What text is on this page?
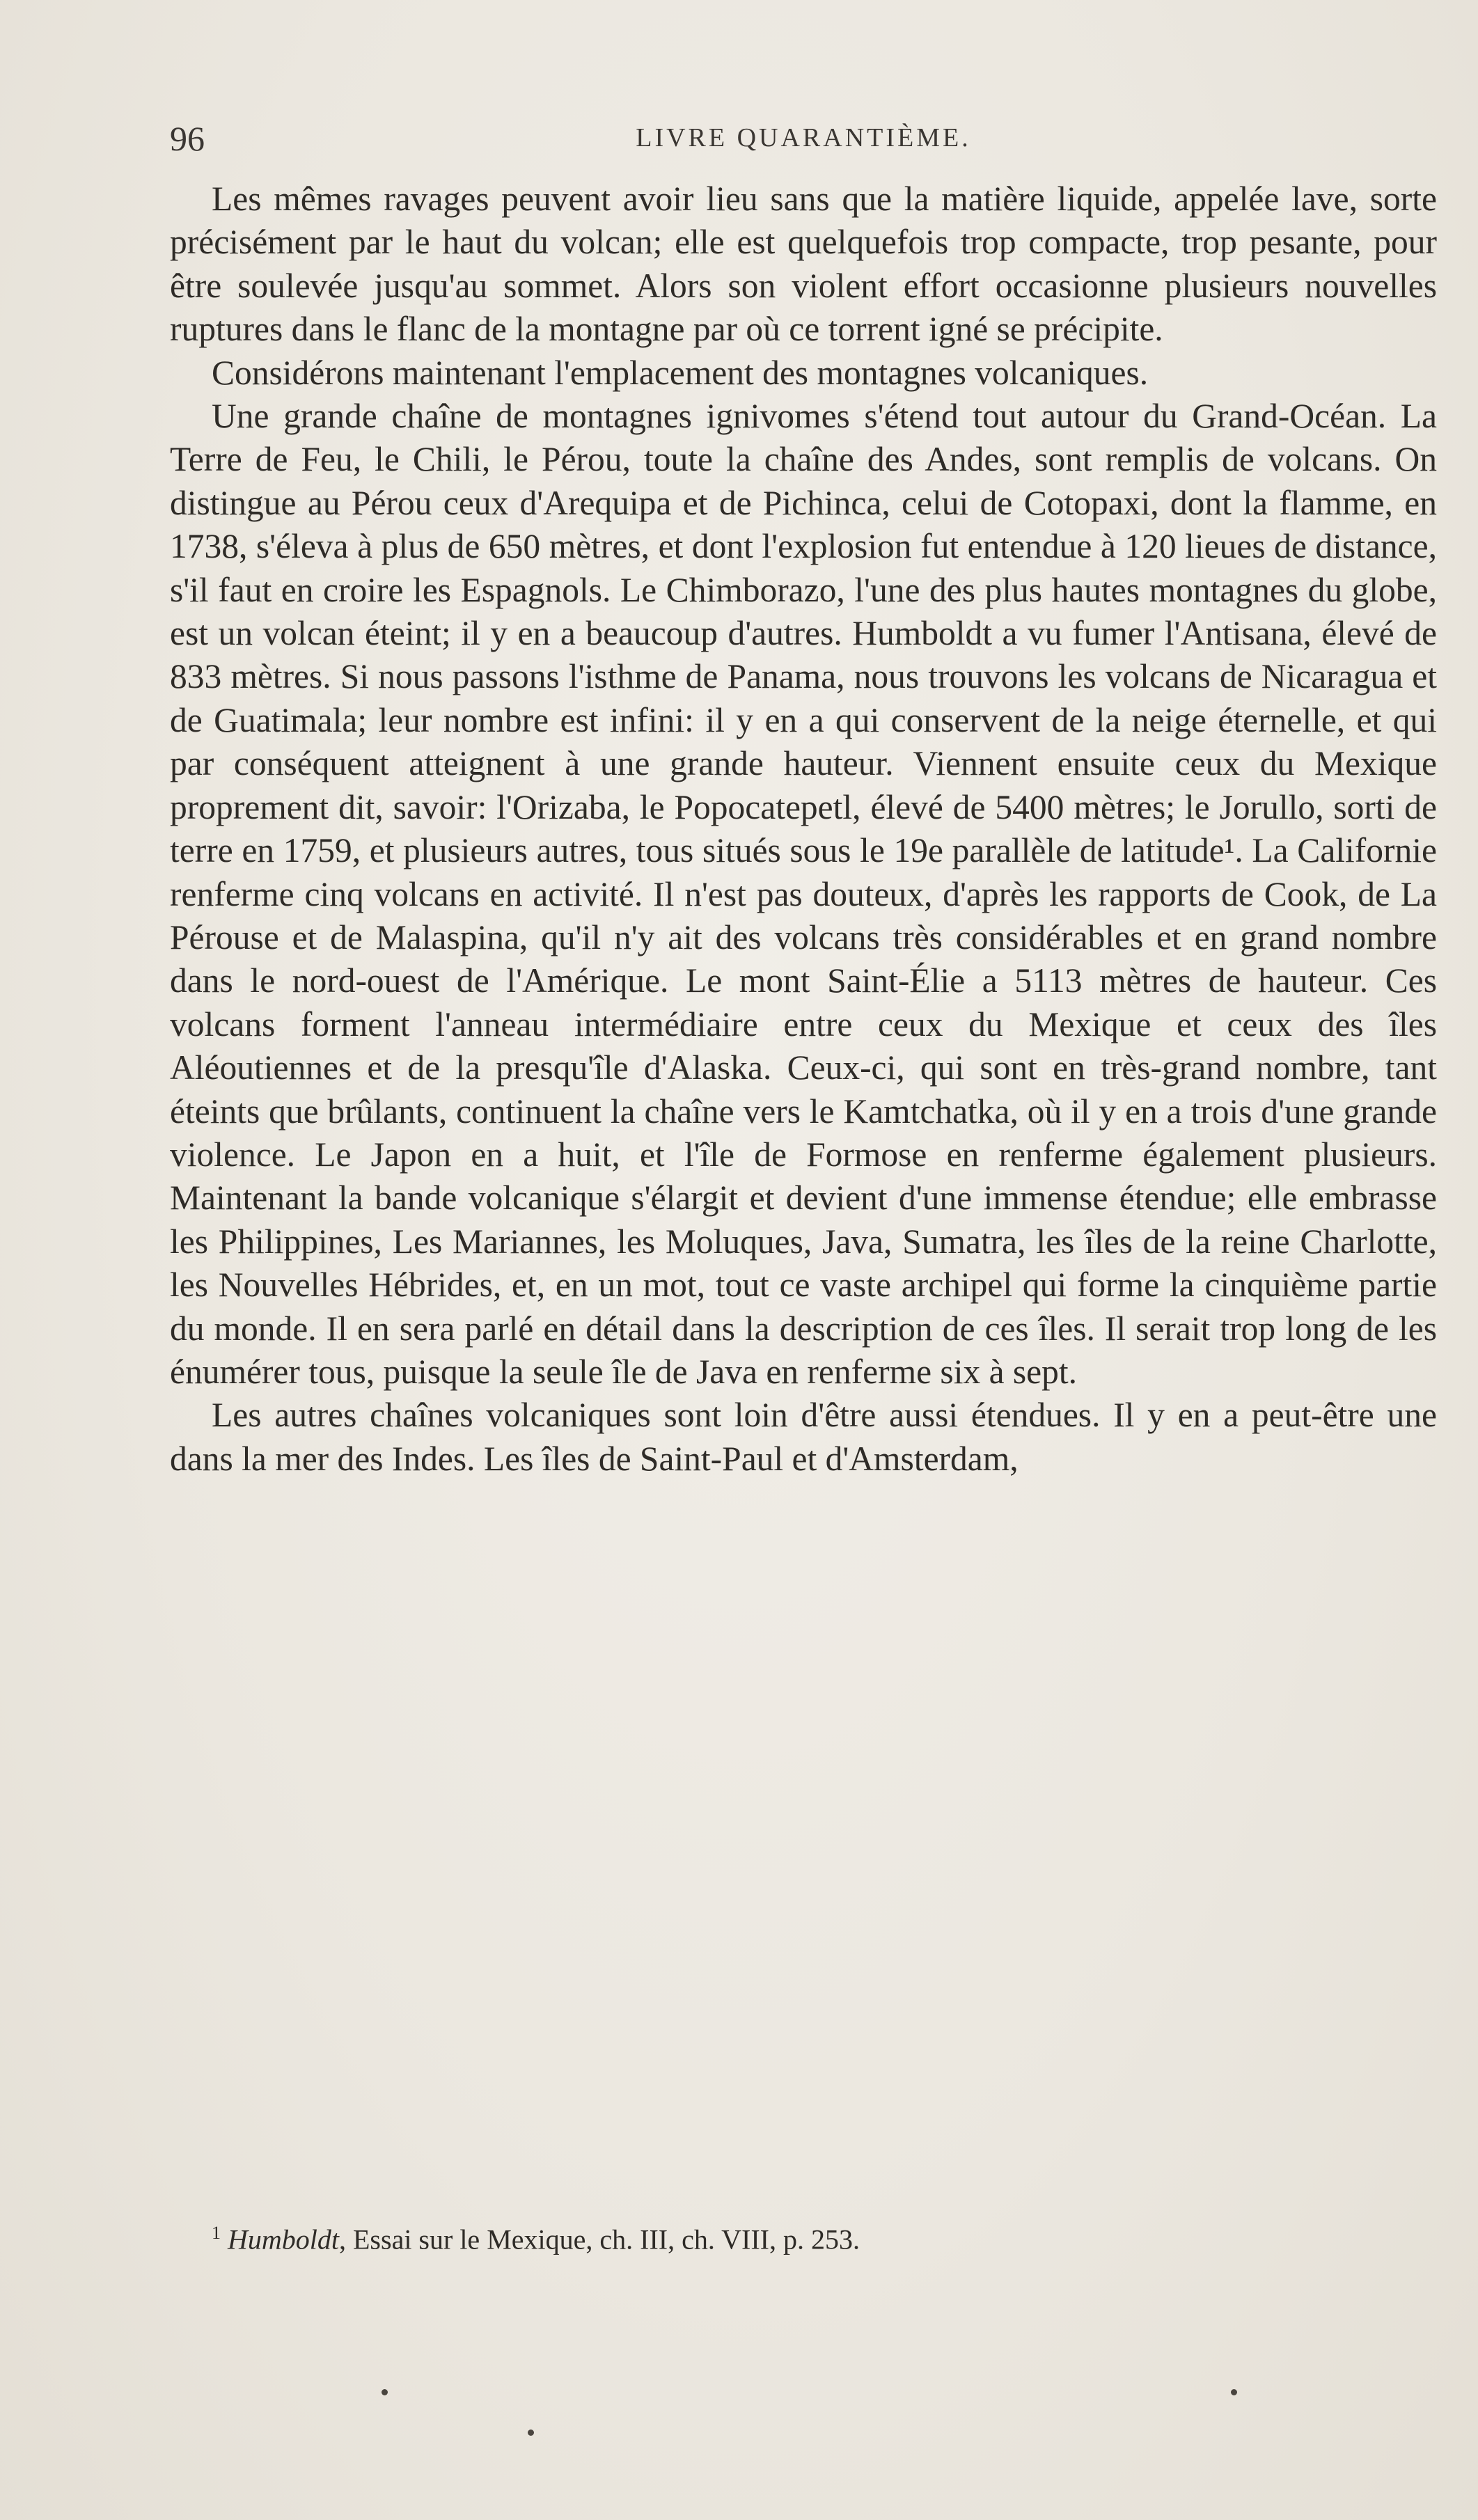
96	LIVRE QUARANTIÈME.

Les mêmes ravages peuvent avoir lieu sans que la matière liquide, appelée lave, sorte précisément par le haut du volcan; elle est quelquefois trop compacte, trop pesante, pour être soulevée jusqu'au sommet. Alors son violent effort occasionne plusieurs nouvelles ruptures dans le flanc de la montagne par où ce torrent igné se précipite.

Considérons maintenant l'emplacement des montagnes volcaniques.

Une grande chaîne de montagnes ignivomes s'étend tout autour du Grand-Océan. La Terre de Feu, le Chili, le Pérou, toute la chaîne des Andes, sont remplis de volcans. On distingue au Pérou ceux d'Arequipa et de Pichinca, celui de Cotopaxi, dont la flamme, en 1738, s'éleva à plus de 650 mètres, et dont l'explosion fut entendue à 120 lieues de distance, s'il faut en croire les Espagnols. Le Chimborazo, l'une des plus hautes montagnes du globe, est un volcan éteint; il y en a beaucoup d'autres. Humboldt a vu fumer l'Antisana, élevé de 833 mètres. Si nous passons l'isthme de Panama, nous trouvons les volcans de Nicaragua et de Guatimala; leur nombre est infini: il y en a qui conservent de la neige éternelle, et qui par conséquent atteignent à une grande hauteur. Viennent ensuite ceux du Mexique proprement dit, savoir: l'Orizaba, le Popocatepetl, élevé de 5400 mètres; le Jorullo, sorti de terre en 1759, et plusieurs autres, tous situés sous le 19e parallèle de latitude¹. La Californie renferme cinq volcans en activité. Il n'est pas douteux, d'après les rapports de Cook, de La Pérouse et de Malaspina, qu'il n'y ait des volcans très considérables et en grand nombre dans le nord-ouest de l'Amérique. Le mont Saint-Élie a 5113 mètres de hauteur. Ces volcans forment l'anneau intermédiaire entre ceux du Mexique et ceux des îles Aléoutiennes et de la presqu'île d'Alaska. Ceux-ci, qui sont en très-grand nombre, tant éteints que brûlants, continuent la chaîne vers le Kamtchatka, où il y en a trois d'une grande violence. Le Japon en a huit, et l'île de Formose en renferme également plusieurs. Maintenant la bande volcanique s'élargit et devient d'une immense étendue; elle embrasse les Philippines, Les Mariannes, les Moluques, Java, Sumatra, les îles de la reine Charlotte, les Nouvelles Hébrides, et, en un mot, tout ce vaste archipel qui forme la cinquième partie du monde. Il en sera parlé en détail dans la description de ces îles. Il serait trop long de les énumérer tous, puisque la seule île de Java en renferme six à sept.

Les autres chaînes volcaniques sont loin d'être aussi étendues. Il y en a peut-être une dans la mer des Indes. Les îles de Saint-Paul et d'Amsterdam,

$^1$ Humboldt, Essai sur le Mexique, ch. III, ch. VIII, p. 253.
